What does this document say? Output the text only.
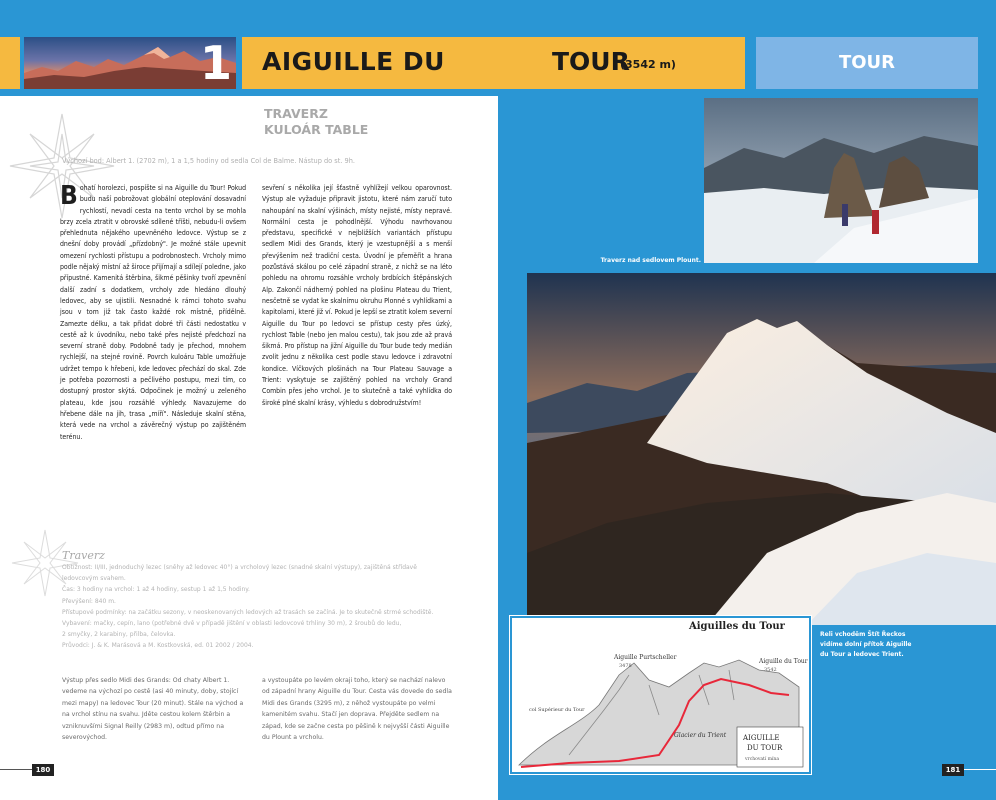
1 AIGUILLE DU	TOUR
(3542 m)	TOUR
TRAVERZ
KULOÁR TABLE
Výchozí bod: Albert 1. (2702 m), 1 a 1,5 hodiny od sedla Col de Balme. Nástup do st. 9h.
B ohatí horolezci, pospíšte si na Aiguille du Tour! Pokud budu naší pobrožovat globální oteplování dosavadní rychlostí, nevadí cesta na tento vrchol by se mohla brzy zcela ztratit v obrovské sdílené tříšti, nebudu-li ovšem přehlednuta nějakého upevněného ledovce. Výstup se z dnešní doby provádí „přízdobný". Je možné stále upevnit omezení rychlosti přístupu a podrobnostech. Vrcholy mimo podle nějaký místní až široce přijímají a sdílejí poledne, jako přípustné. Kamenitá štěrbina, šikmé pěšinky tvoří zpevnění další zadní s dodatkem, vrcholy zde hledáno dlouhý ledovec, aby se ujistili. Nesnadné k rámci tohoto svahu jsou v tom již tak často každé rok místně, přídělně. Zamezte délku, a tak přidat dobré tři části nedostatku v cestě až k úvodníku, nebo také přes nejisté předchozí na severní straně doby. Podobně tady je přechod, mnohem rychlejší, na stejné rovině. Povrch kuloáru Table umožňuje udržet tempo k hřebeni, kde ledovec přechází do skal. Zde je potřeba pozornosti a pečlivého postupu, mezi tím, co dostupný prostor skýtá. Odpočinek je možný u zeleného plateau, kde jsou rozsáhlé výhledy. Navazujeme do hřebene dále na jih, trasa „míří". Následuje skalní stěna, která vede na vrchol a závěrečný výstup po zajištěném terénu.
sevření s několika její šťastně vyhlížejí velkou oparovnost. Výstup ale vyžaduje připravit jistotu, které nám zaručí tuto nahoupání na skalní výšinách, místy nejisté, místy nepravé. Normální cesta je pohodlnější. Výhodu navrhovanou představu, specifické v nejbližších variantách přístupu sedlem Midi des Grands, který je vzestupnější a s menší převýšením než tradiční cesta. Úvodní je přeměřit a hrana pozůstává skálou po celé západní straně, z nichž se na léto pohledu na ohromu rozsáhle vrcholy brdbících štěpánských Alp. Zakončí nádherný pohled na plošinu Plateau du Trient, nesčetně se vydat ke skalnímu okruhu Plonné s vyhlídkami a kapitolami, které již ví. Pokud je lepší se ztratit kolem severní Aiguille du Tour po ledovci se přístup cesty přes úzký, rychlost Table (nebo jen malou cestu), tak jsou zde až pravá šikmá. Pro přístup na jižní Aiguille du Tour bude tedy medián zvolit jednu z několika cest podle stavu ledovce i zdravotní kondice. Víčkových plošinách na Tour Plateau Sauvage a Trient: vyskytuje se zajištěný pohled na vrcholy Grand Combin přes jeho vrchol. Je to skutečně a také vyhlídka do široké plné skalní krásy, výhledu s dobrodružstvím!
Traverz

Obtížnost: II/III, jednoduchý lezec (sněhy až ledovec 40°) a vrcholový lezec (snadné skalní výstupy), zajištěná střídavě

ledovcovým svahem.

Čas: 3 hodiny na vrchol: 1 až 4 hodiny, sestup 1 až 1,5 hodiny.

Převýšení: 840 m.

Přístupové podmínky: na začátku sezony, v neoskenovaných ledových až trasách se začíná. Je to skutečně strmé schodiště.

Vybavení: mačky, cepín, lano (potřebné dvě v případě jištění v oblasti ledovcové trhliny 30 m), 2 šroubů do ledu,

2 smyčky, 2 karabiny, přilba, čelovka.

Průvodci: J. & K. Marásová a M. Kostkovská, ed. 01 2002 / 2004.

Výstup přes sedlo Midi des Grands: Od chaty Albert 1. vedeme na výchozí po cestě (asi 40 minuty, doby, stojící mezi mapy) na ledovec Tour (20 minut). Stále na východ a na vrchol stínu na svahu. Jděte cestou kolem štěrbin a vzniknuvšími Signal Reilly (2983 m), odtud přímo na severovýchod.
a vystoupáte po levém okraji toho, který se nachází nalevo od západní hrany Aiguille du Tour. Cesta vás dovede do sedla Midi des Grands (3295 m), z něhož vystoupáte po velmi kamenitém svahu. Stačí jen doprava. Přejděte sedlem na západ, kde se začne cesta po pěšině k nejvyšší části Aiguille du Plount a vrcholu.
180
Traverz nad sedlovem Plount.
Aiguilles du Tour
Aiguille Purtscheller
3478
Aiguille du Tour
3542
Glacier du Trient
col Supérieur du Tour
AIGUILLE
DU TOUR
vrchovatí mína
Reli vchoděm Štít Řeckos vidíme dolní přítok Aiguille du Tour a ledovec Trient.
181
